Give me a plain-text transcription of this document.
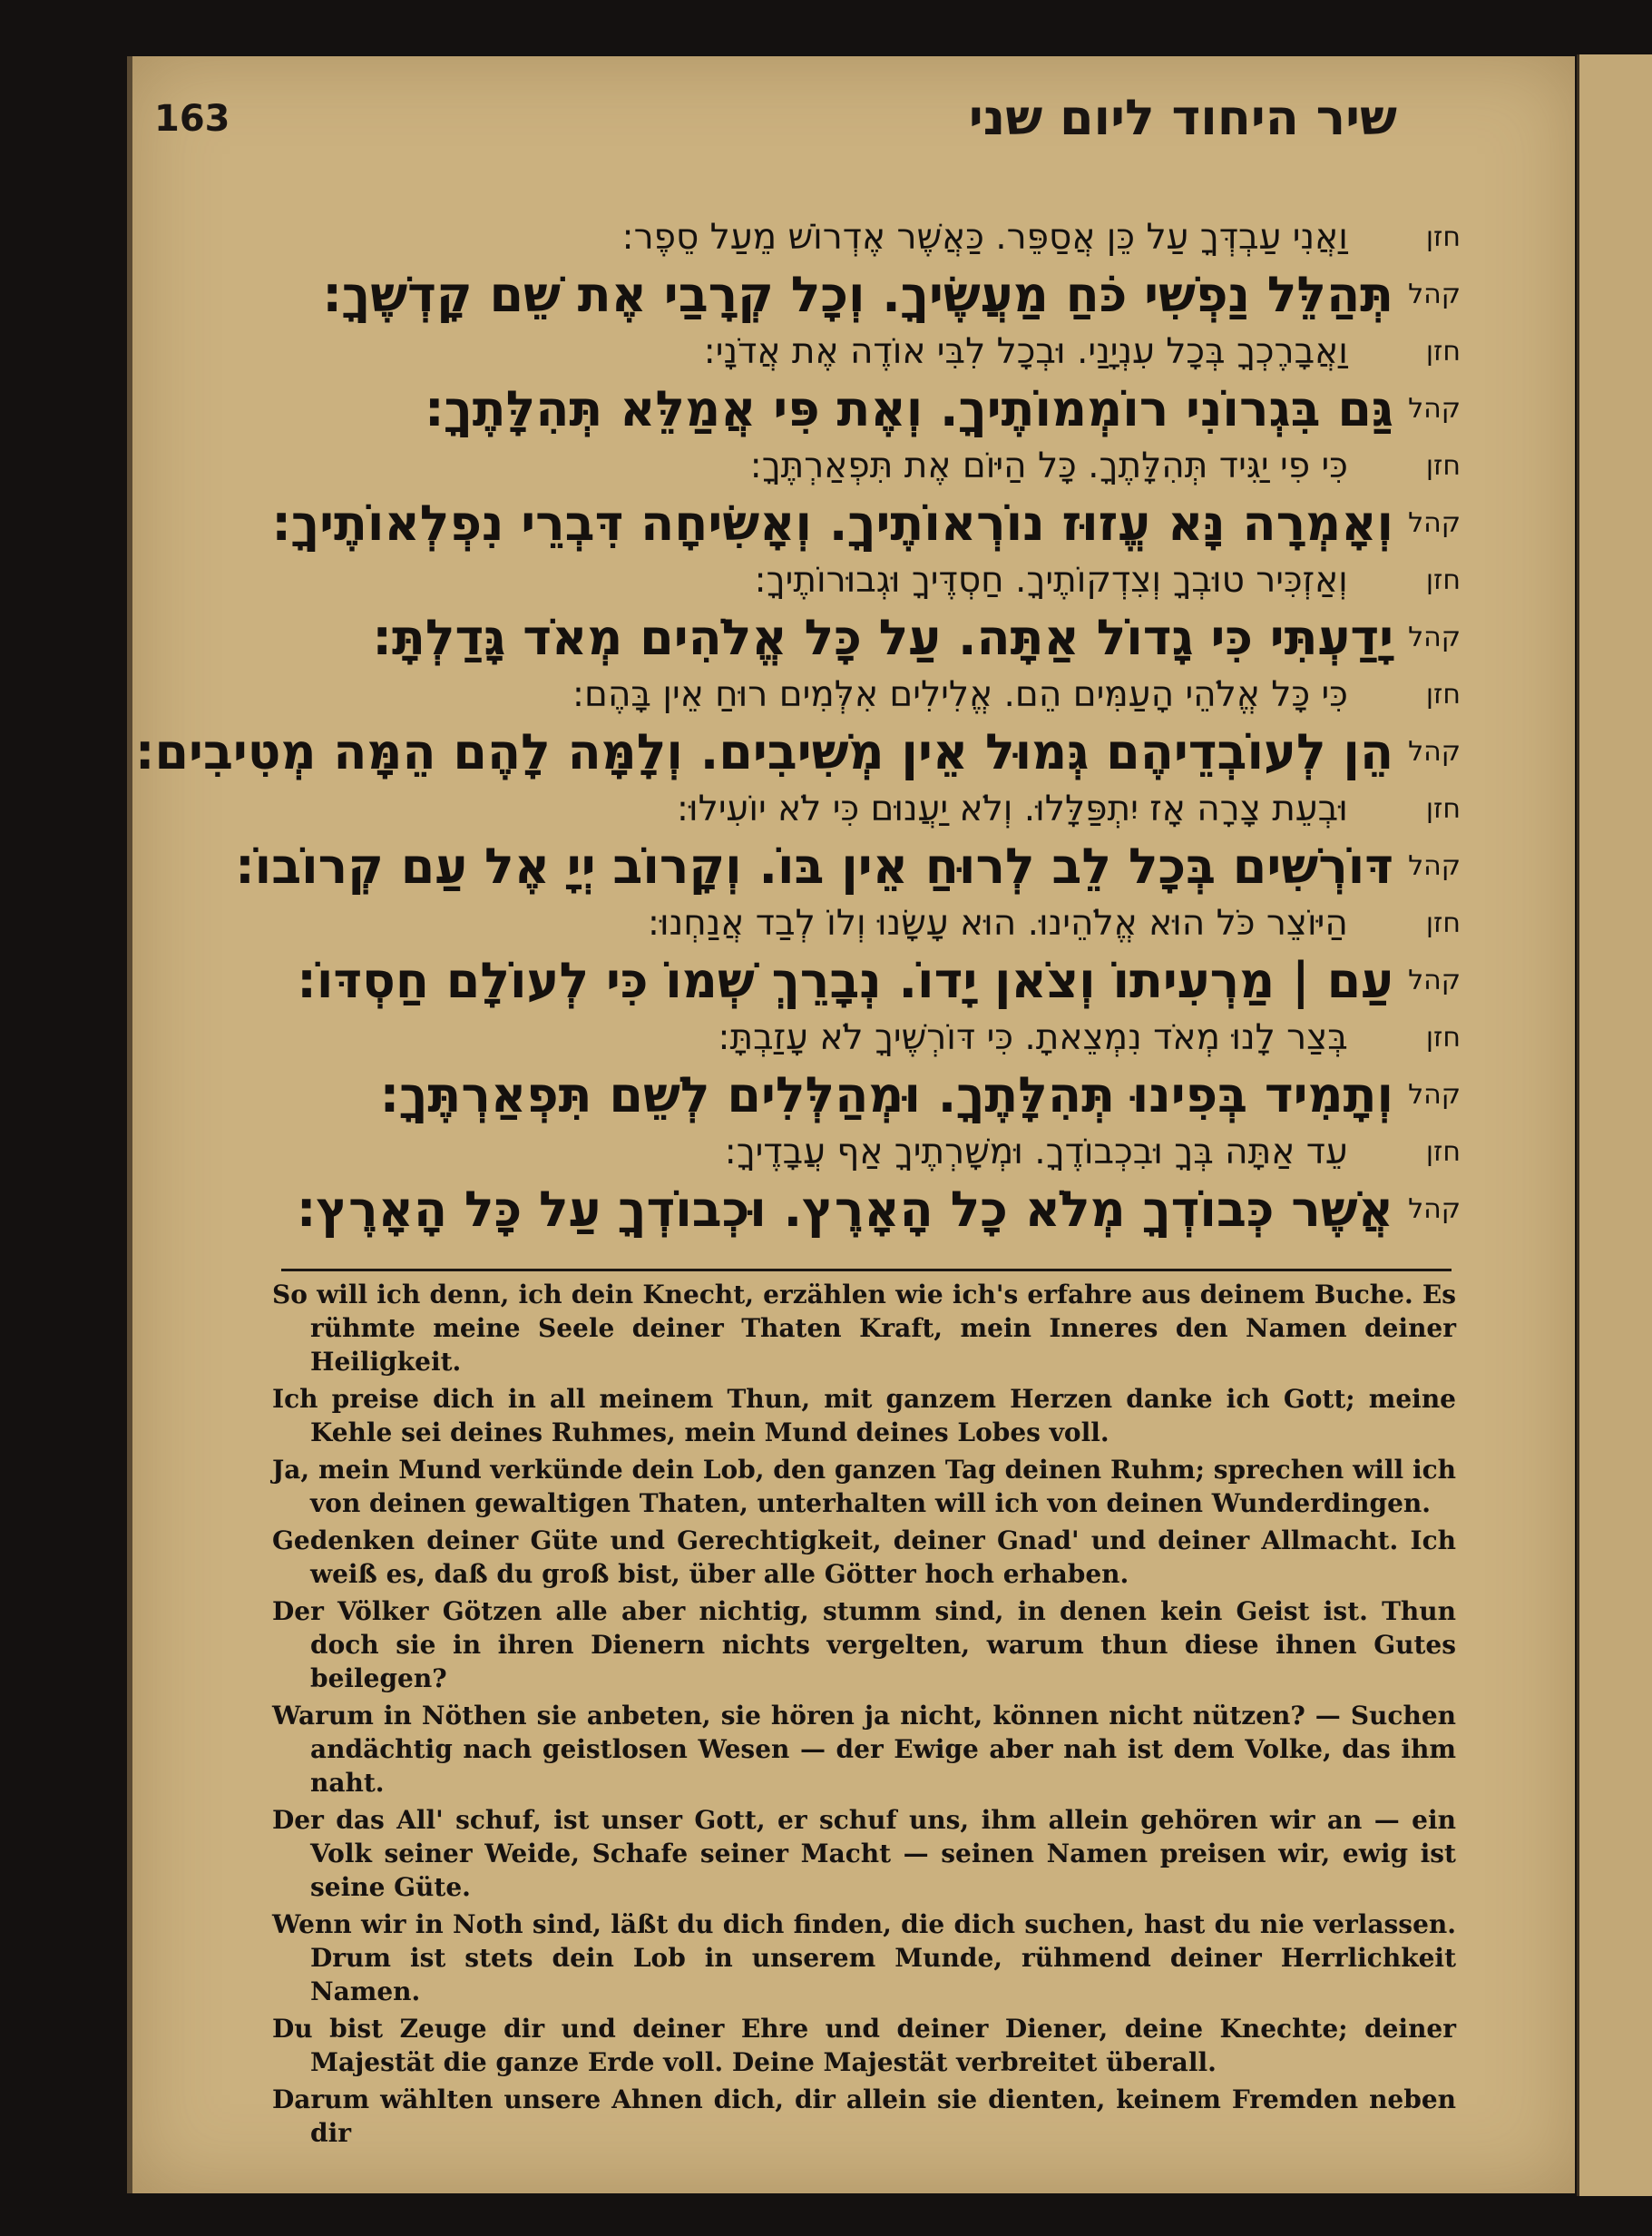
163	שיר היחוד ליום שני
חזן
וַאֲנִי עַבְדְּךָ עַל כֵּן אֲסַפֵּר. כַּאֲשֶׁר אֶדְרוֹשׁ מֵעַל סֵפֶר:
קהל
תְּהַלֵּל נַפְשִׁי כֹּחַ מַעֲשֶׂיךָ. וְכָל קְרָבַי אֶת שֵׁם קָדְשֶׁךָ:
חזן
וַאֲבָרֶכְךָ בְּכָל עִנְיָנַי. וּבְכָל לִבִּי אוֹדֶה אֶת אֲדֹנָי:
קהל
גַּם בִּגְרוֹנִי רוֹמְמוֹתֶיךָ. וְאֶת פִּי אֲמַלֵּא תְּהִלָּתֶךָ:
חזן
כִּי פִי יַגִּיד תְּהִלָּתֶךָ. כָּל הַיּוֹם אֶת תִּפְאַרְתֶּךָ:
קהל
וְאָמְרָה נָּא עֱזוּז נוֹרְאוֹתֶיךָ. וְאָשִׂיחָה דִּבְרֵי נִפְלְאוֹתֶיךָ:
חזן
וְאַזְכִּיר טוּבְךָ וְצִדְקוֹתֶיךָ. חַסְדֶּיךָ וּגְבוּרוֹתֶיךָ:
קהל
יָדַעְתִּי כִּי גָדוֹל אַתָּה. עַל כָּל אֱלֹהִים מְאֹד גָּדַלְתָּ:
חזן
כִּי כָּל אֱלֹהֵי הָעַמִּים הֵם. אֱלִילִים אִלְּמִים רוּחַ אֵין בָּהֶם:
קהל
הֵן לְעוֹבְדֵיהֶם גְּמוּל אֵין מְשִׁיבִים. וְלָמָּה לָהֶם הֵמָּה מְטִיבִים:
חזן
וּבְעֵת צָרָה אָז יִתְפַּלָּלוּ. וְלֹא יַעֲנוּם כִּי לֹא יוֹעִילוּ:
קהל
דּוֹרְשִׁים בְּכָל לֵב לְרוּחַ אֵין בּוֹ. וְקָרוֹב יְיָ אֶל עַם קְרוֹבוֹ:
חזן
הַיּוֹצֵר כֹּל הוּא אֱלֹהֵינוּ. הוּא עָשָׂנוּ וְלוֹ לְבַד אֲנַחְנוּ:
קהל
עַם | מַרְעִיתוֹ וְצֹאן יָדוֹ. נְבָרֵךְ שְׁמוֹ כִּי לְעוֹלָם חַסְדּוֹ:
חזן
בְּצַר לָנוּ מְאֹד נִמְצֵאתָ. כִּי דּוֹרְשֶׁיךָ לֹא עָזַבְתָּ:
קהל
וְתָמִיד בְּפִינוּ תְּהִלָּתֶךָ. וּמְהַלְּלִים לְשֵׁם תִּפְאַרְתֶּךָ:
חזן
עֵד אַתָּה בְּךָ וּבִכְבוֹדֶךָ. וּמְשָׁרְתֶיךָ אַף עֲבָדֶיךָ:
קהל
אֲשֶׁר כְּבוֹדְךָ מְלֹא כָל הָאָרֶץ. וּכְבוֹדְךָ עַל כָּל הָאָרֶץ:

So will ich denn, ich dein Knecht, erzählen wie ich's erfahre aus deinem Buche. Es rühmte meine Seele deiner Thaten Kraft, mein Inneres den Namen deiner Heiligkeit.

Ich preise dich in all meinem Thun, mit ganzem Herzen danke ich Gott; meine Kehle sei deines Ruhmes, mein Mund deines Lobes voll.

Ja, mein Mund verkünde dein Lob, den ganzen Tag deinen Ruhm; sprechen will ich von deinen gewaltigen Thaten, unterhalten will ich von deinen Wunderdingen.

Gedenken deiner Güte und Gerechtigkeit, deiner Gnad' und deiner Allmacht. Ich weiß es, daß du groß bist, über alle Götter hoch erhaben.

Der Völker Götzen alle aber nichtig, stumm sind, in denen kein Geist ist. Thun doch sie in ihren Dienern nichts vergelten, warum thun diese ihnen Gutes beilegen?

Warum in Nöthen sie anbeten, sie hören ja nicht, können nicht nützen? — Suchen andächtig nach geistlosen Wesen — der Ewige aber nah ist dem Volke, das ihm naht.

Der das All' schuf, ist unser Gott, er schuf uns, ihm allein gehören wir an — ein Volk seiner Weide, Schafe seiner Macht — seinen Namen preisen wir, ewig ist seine Güte.

Wenn wir in Noth sind, läßt du dich finden, die dich suchen, hast du nie verlassen. Drum ist stets dein Lob in unserem Munde, rühmend deiner Herrlichkeit Namen.

Du bist Zeuge dir und deiner Ehre und deiner Diener, deine Knechte; deiner Majestät die ganze Erde voll. Deine Majestät verbreitet überall.

Darum wählten unsere Ahnen dich, dir allein sie dienten, keinem Fremden neben dir
